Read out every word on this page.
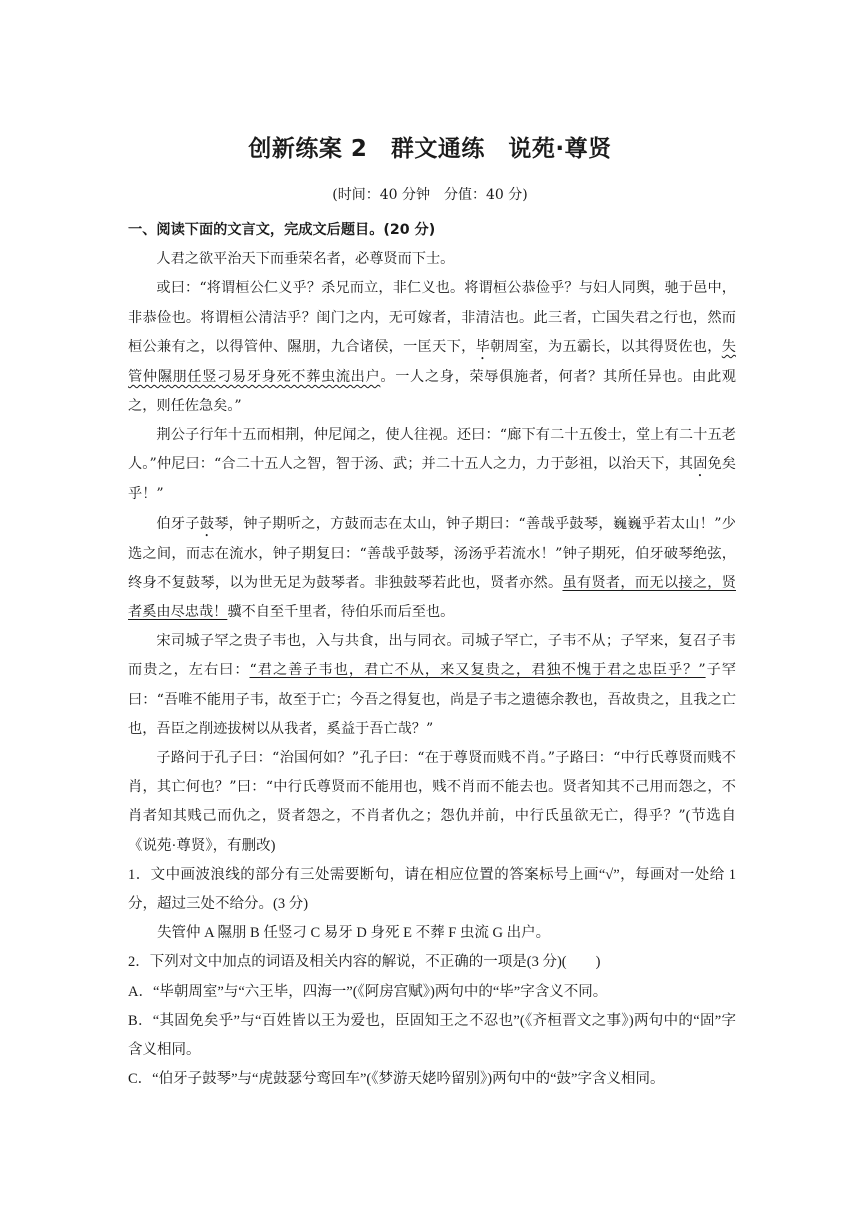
创新练案 2　群文通练　说苑·尊贤
(时间：40 分钟　分值：40 分)

一、阅读下面的文言文，完成文后题目。(20 分)

人君之欲平治天下而垂荣名者，必尊贤而下士。

或曰：“将谓桓公仁义乎？杀兄而立，非仁义也。将谓桓公恭俭乎？与妇人同舆，驰于邑中，非恭俭也。将谓桓公清洁乎？闺门之内，无可嫁者，非清洁也。此三者，亡国失君之行也，然而桓公兼有之，以得管仲、隰朋，九合诸侯，一匡天下，毕朝周室，为五霸长，以其得贤佐也，失管仲隰朋任竖刁易牙身死不葬虫流出户。一人之身，荣辱俱施者，何者？其所任异也。由此观之，则任佐急矣。”

荆公子行年十五而相荆，仲尼闻之，使人往视。还曰：“廊下有二十五俊士，堂上有二十五老人。”仲尼曰：“合二十五人之智，智于汤、武；并二十五人之力，力于彭祖，以治天下，其固免矣乎！”

伯牙子鼓琴，钟子期听之，方鼓而志在太山，钟子期曰：“善哉乎鼓琴，巍巍乎若太山！”少选之间，而志在流水，钟子期复曰：“善哉乎鼓琴，汤汤乎若流水！”钟子期死，伯牙破琴绝弦，终身不复鼓琴，以为世无足为鼓琴者。非独鼓琴若此也，贤者亦然。虽有贤者，而无以接之，贤者奚由尽忠哉！骥不自至千里者，待伯乐而后至也。

宋司城子罕之贵子韦也，入与共食，出与同衣。司城子罕亡，子韦不从；子罕来，复召子韦而贵之，左右曰：“君之善子韦也，君亡不从，来又复贵之，君独不愧于君之忠臣乎？”子罕曰：“吾唯不能用子韦，故至于亡；今吾之得复也，尚是子韦之遗德余教也，吾故贵之，且我之亡也，吾臣之削迹拔树以从我者，奚益于吾亡哉？”

子路问于孔子曰：“治国何如？”孔子曰：“在于尊贤而贱不肖。”子路曰：“中行氏尊贤而贱不肖，其亡何也？”曰：“中行氏尊贤而不能用也，贱不肖而不能去也。贤者知其不己用而怨之，不肖者知其贱己而仇之，贤者怨之，不肖者仇之；怨仇并前，中行氏虽欲无亡，得乎？”(节选自《说苑·尊贤》，有删改)

1．文中画波浪线的部分有三处需要断句，请在相应位置的答案标号上画“√”，每画对一处给 1 分，超过三处不给分。(3 分)

失管仲 A 隰朋 B 任竖刁 C 易牙 D 身死 E 不葬 F 虫流 G 出户。

2．下列对文中加点的词语及相关内容的解说，不正确的一项是(3 分)(　　)

A．“毕朝周室”与“六王毕，四海一”(《阿房宫赋》)两句中的“毕”字含义不同。

B．“其固免矣乎”与“百姓皆以王为爱也，臣固知王之不忍也”(《齐桓晋文之事》)两句中的“固”字含义相同。

C．“伯牙子鼓琴”与“虎鼓瑟兮鸾回车”(《梦游天姥吟留别》)两句中的“鼓”字含义相同。
